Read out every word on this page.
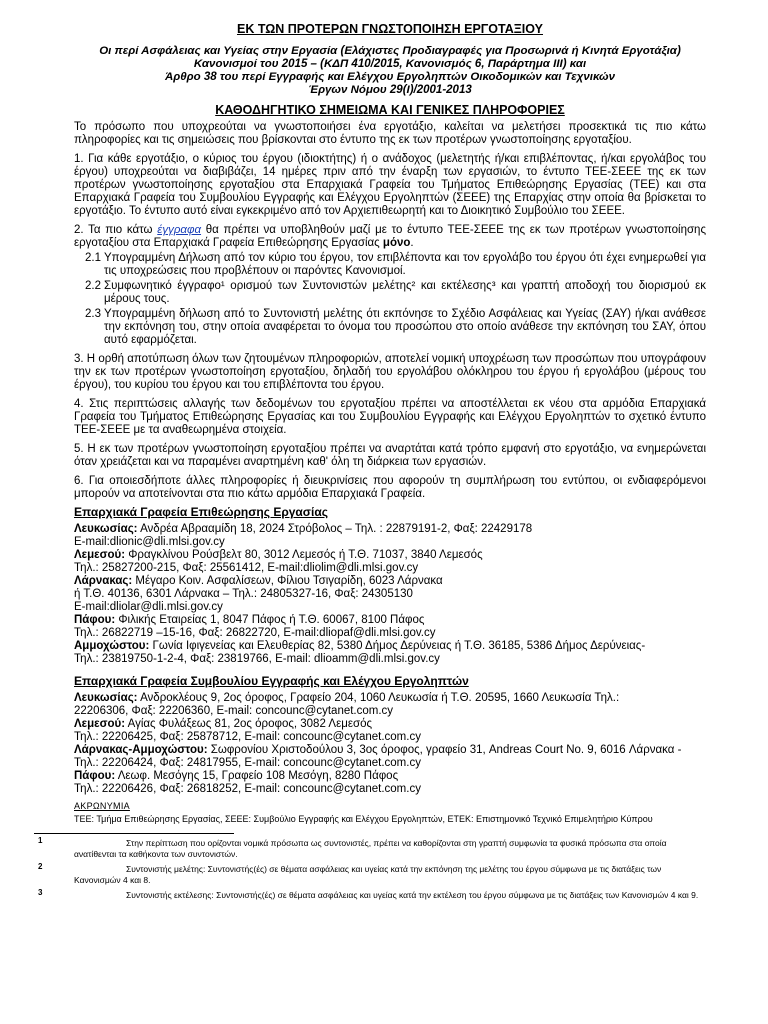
ΕΚ ΤΩΝ ΠΡΟΤΕΡΩΝ ΓΝΩΣΤΟΠΟΙΗΣΗ ΕΡΓΟΤΑΞΙΟΥ

Οι περί Ασφάλειας και Υγείας στην Εργασία (Ελάχιστες Προδιαγραφές για Προσωρινά ή Κινητά Εργοτάξια)

Κανονισμοί του 2015 – (ΚΔΠ 410/2015, Κανονισμός 6, Παράρτημα ΙΙΙ) και

Άρθρο 38 του περί Εγγραφής και Ελέγχου Εργοληπτών Οικοδομικών και Τεχνικών

Έργων Νόμου 29(Ι)/2001-2013

ΚΑΘΟΔΗΓΗΤΙΚΟ ΣΗΜΕΙΩΜΑ ΚΑΙ ΓΕΝΙΚΕΣ ΠΛΗΡΟΦΟΡΙΕΣ

Το πρόσωπο που υποχρεούται να γνωστοποιήσει ένα εργοτάξιο, καλείται να μελετήσει προσεκτικά τις πιο κάτω πληροφορίες και τις σημειώσεις που βρίσκονται στο έντυπο της εκ των προτέρων γνωστοποίησης εργοταξίου.

1. Για κάθε εργοτάξιο, ο κύριος του έργου (ιδιοκτήτης) ή ο ανάδοχος (μελετητής ή/και επιβλέποντας, ή/και εργολάβος του έργου) υποχρεούται να διαβιβάζει, 14 ημέρες πριν από την έναρξη των εργασιών, το έντυπο ΤΕΕ-ΣΕΕΕ της εκ των προτέρων γνωστοποίησης εργοταξίου στα Επαρχιακά Γραφεία του Τμήματος Επιθεώρησης Εργασίας (ΤΕΕ) και στα Επαρχιακά Γραφεία του Συμβουλίου Εγγραφής και Ελέγχου Εργοληπτών (ΣΕΕΕ) της Επαρχίας στην οποία θα βρίσκεται το εργοτάξιο. Το έντυπο αυτό είναι εγκεκριμένο από τον Αρχιεπιθεωρητή και το Διοικητικό Συμβούλιο του ΣΕΕΕ.

2. Τα πιο κάτω έγγραφα θα πρέπει να υποβληθούν μαζί με το έντυπο ΤΕΕ-ΣΕΕΕ της εκ των προτέρων γνωστοποίησης εργοταξίου στα Επαρχιακά Γραφεία Επιθεώρησης Εργασίας μόνο.

2.1 Υπογραμμένη Δήλωση από τον κύριο του έργου, τον επιβλέποντα και τον εργολάβο του έργου ότι έχει ενημερωθεί για τις υποχρεώσεις που προβλέπουν οι παρόντες Κανονισμοί.
2.2 Συμφωνητικό έγγραφο¹ ορισμού των Συντονιστών μελέτης² και εκτέλεσης³ και γραπτή αποδοχή του διορισμού εκ μέρους τους.
2.3 Υπογραμμένη δήλωση από το Συντονιστή μελέτης ότι εκπόνησε το Σχέδιο Ασφάλειας και Υγείας (ΣΑΥ) ή/και ανάθεσε την εκπόνηση του, στην οποία αναφέρεται το όνομα του προσώπου στο οποίο ανάθεσε την εκπόνηση του ΣΑΥ, όπου αυτό εφαρμόζεται.

3. Η ορθή αποτύπωση όλων των ζητουμένων πληροφοριών, αποτελεί νομική υποχρέωση των προσώπων που υπογράφουν την εκ των προτέρων γνωστοποίηση εργοταξίου, δηλαδή του εργολάβου ολόκληρου του έργου ή εργολάβου (μέρους του έργου), του κυρίου του έργου και του επιβλέποντα του έργου.

4. Στις περιπτώσεις αλλαγής των δεδομένων του εργοταξίου πρέπει να αποστέλλεται εκ νέου στα αρμόδια Επαρχιακά Γραφεία του Τμήματος Επιθεώρησης Εργασίας και του Συμβουλίου Εγγραφής και Ελέγχου Εργοληπτών το σχετικό έντυπο ΤΕΕ-ΣΕΕΕ με τα αναθεωρημένα στοιχεία.

5. Η εκ των προτέρων γνωστοποίηση εργοταξίου πρέπει να αναρτάται κατά τρόπο εμφανή στο εργοτάξιο, να ενημερώνεται όταν χρειάζεται και να παραμένει αναρτημένη καθ' όλη τη διάρκεια των εργασιών.

6. Για οποιεσδήποτε άλλες πληροφορίες ή διευκρινίσεις που αφορούν τη συμπλήρωση του εντύπου, οι ενδιαφερόμενοι μπορούν να αποτείνονται στα πιο κάτω αρμόδια Επαρχιακά Γραφεία.

Επαρχιακά Γραφεία Επιθεώρησης Εργασίας

Λευκωσίας: Ανδρέα Αβρααμίδη 18, 2024 Στρόβολος – Τηλ. : 22879191-2, Φαξ: 22429178

E-mail:dlionic@dli.mlsi.gov.cy

Λεμεσού: Φραγκλίνου Ρούσβελτ 80, 3012 Λεμεσός ή Τ.Θ. 71037, 3840 Λεμεσός

Τηλ.: 25827200-215, Φαξ: 25561412, E-mail:dliolim@dli.mlsi.gov.cy

Λάρνακας: Μέγαρο Κοιν. Ασφαλίσεων, Φίλιου Τσιγαρίδη, 6023 Λάρνακα

ή Τ.Θ. 40136, 6301 Λάρνακα – Τηλ.: 24805327-16, Φαξ: 24305130

E-mail:dliolar@dli.mlsi.gov.cy

Πάφου: Φιλικής Εταιρείας 1, 8047 Πάφος ή Τ.Θ. 60067, 8100 Πάφος

Τηλ.: 26822719 –15-16, Φαξ: 26822720, E-mail:dliopaf@dli.mlsi.gov.cy

Αμμοχώστου: Γωνία Ιφιγενείας και Ελευθερίας 82, 5380 Δήμος Δερύνειας ή Τ.Θ. 36185, 5386 Δήμος Δερύνειας-

Τηλ.: 23819750-1-2-4, Φαξ: 23819766, E-mail: dlioamm@dli.mlsi.gov.cy

Επαρχιακά Γραφεία Συμβουλίου Εγγραφής και Ελέγχου Εργοληπτών

Λευκωσίας: Ανδροκλέους 9, 2ος όροφος, Γραφείο 204, 1060 Λευκωσία ή Τ.Θ. 20595, 1660 Λευκωσία Τηλ.:

22206306, Φαξ: 22206360, E-mail: concounc@cytanet.com.cy

Λεμεσού: Αγίας Φυλάξεως 81, 2ος όροφος, 3082 Λεμεσός

Τηλ.: 22206425, Φαξ: 25878712, E-mail: concounc@cytanet.com.cy

Λάρνακας-Αμμοχώστου: Σωφρονίου Χριστοδούλου 3, 3ος όροφος, γραφείο 31, Andreas Court No. 9, 6016 Λάρνακα -

Τηλ.: 22206424, Φαξ: 24817955, E-mail: concounc@cytanet.com.cy

Πάφου: Λεωφ. Μεσόγης 15, Γραφείο 108 Μεσόγη, 8280 Πάφος

Τηλ.: 22206426, Φαξ: 26818252, E-mail: concounc@cytanet.com.cy

ΑΚΡΩΝΥΜΙΑ
ΤΕΕ: Τμήμα Επιθεώρησης Εργασίας, ΣΕΕΕ: Συμβούλιο Εγγραφής και Ελέγχου Εργοληπτών, ΕΤΕΚ: Επιστημονικό Τεχνικό Επιμελητήριο Κύπρου

1	Στην περίπτωση που ορίζονται νομικά πρόσωπα ως συντονιστές, πρέπει να καθορίζονται στη γραπτή συμφωνία τα φυσικά πρόσωπα στα οποία ανατίθενται τα καθήκοντα των συντονιστών.

2	Συντονιστής μελέτης: Συντονιστής(ές) σε θέματα ασφάλειας και υγείας κατά την εκπόνηση της μελέτης του έργου σύμφωνα με τις διατάξεις των Κανονισμών 4 και 8.

3	Συντονιστής εκτέλεσης: Συντονιστής(ές) σε θέματα ασφάλειας και υγείας κατά την εκτέλεση του έργου σύμφωνα με τις διατάξεις των Κανονισμών 4 και 9.
